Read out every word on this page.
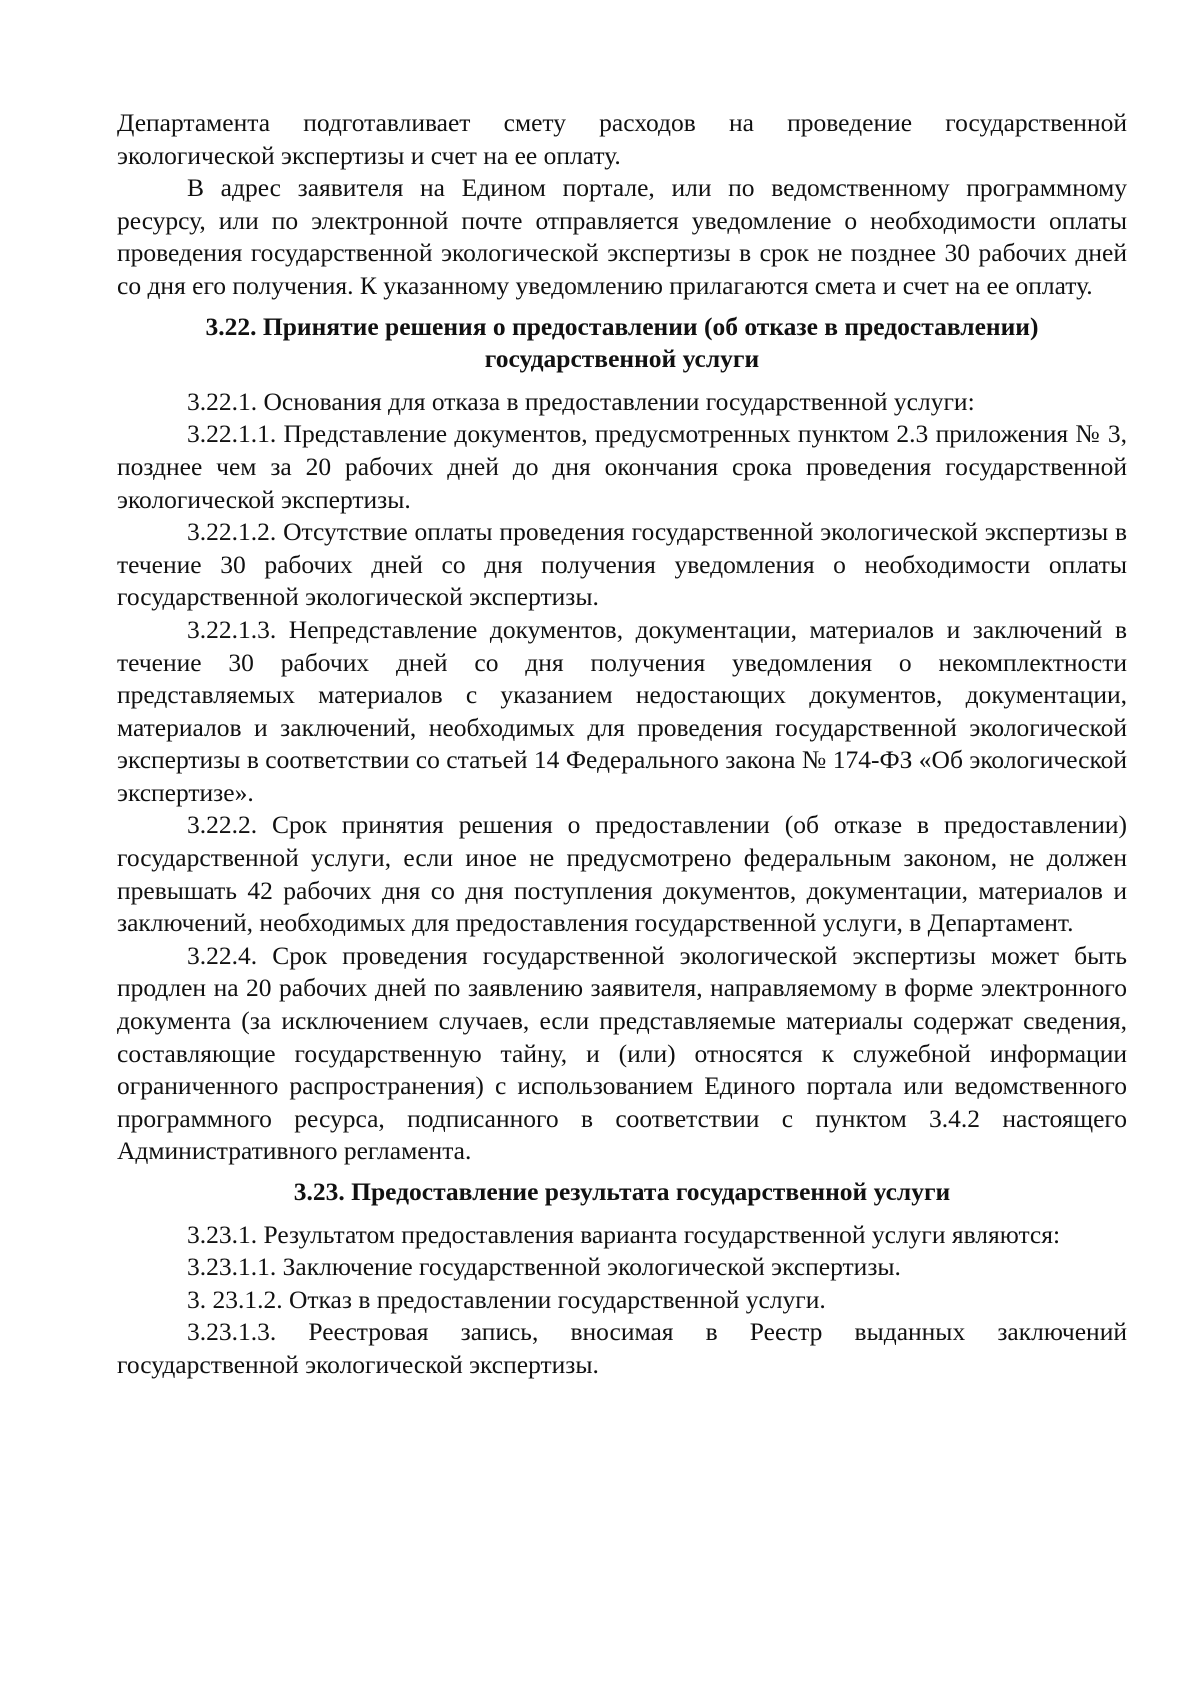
Департамента подготавливает смету расходов на проведение государственной экологической экспертизы и счет на ее оплату.

В адрес заявителя на Едином портале, или по ведомственному программному ресурсу, или по электронной почте отправляется уведомление о необходимости оплаты проведения государственной экологической экспертизы в срок не позднее 30 рабочих дней со дня его получения. К указанному уведомлению прилагаются смета и счет на ее оплату.

3.22. Принятие решения о предоставлении (об отказе в предоставлении) государственной услуги

3.22.1. Основания для отказа в предоставлении государственной услуги:

3.22.1.1. Представление документов, предусмотренных пунктом 2.3 приложения № 3, позднее чем за 20 рабочих дней до дня окончания срока проведения государственной экологической экспертизы.

3.22.1.2. Отсутствие оплаты проведения государственной экологической экспертизы в течение 30 рабочих дней со дня получения уведомления о необходимости оплаты государственной экологической экспертизы.

3.22.1.3. Непредставление документов, документации, материалов и заключений в течение 30 рабочих дней со дня получения уведомления о некомплектности представляемых материалов с указанием недостающих документов, документации, материалов и заключений, необходимых для проведения государственной экологической экспертизы в соответствии со статьей 14 Федерального закона № 174-ФЗ «Об экологической экспертизе».

3.22.2. Срок принятия решения о предоставлении (об отказе в предоставлении) государственной услуги, если иное не предусмотрено федеральным законом, не должен превышать 42 рабочих дня со дня поступления документов, документации, материалов и заключений, необходимых для предоставления государственной услуги, в Департамент.

3.22.4. Срок проведения государственной экологической экспертизы может быть продлен на 20 рабочих дней по заявлению заявителя, направляемому в форме электронного документа (за исключением случаев, если представляемые материалы содержат сведения, составляющие государственную тайну, и (или) относятся к служебной информации ограниченного распространения) с использованием Единого портала или ведомственного программного ресурса, подписанного в соответствии с пунктом 3.4.2 настоящего Административного регламента.

3.23. Предоставление результата государственной услуги

3.23.1. Результатом предоставления варианта государственной услуги являются:

3.23.1.1. Заключение государственной экологической экспертизы.

3. 23.1.2. Отказ в предоставлении государственной услуги.

3.23.1.3. Реестровая запись, вносимая в Реестр выданных заключений государственной экологической экспертизы.
